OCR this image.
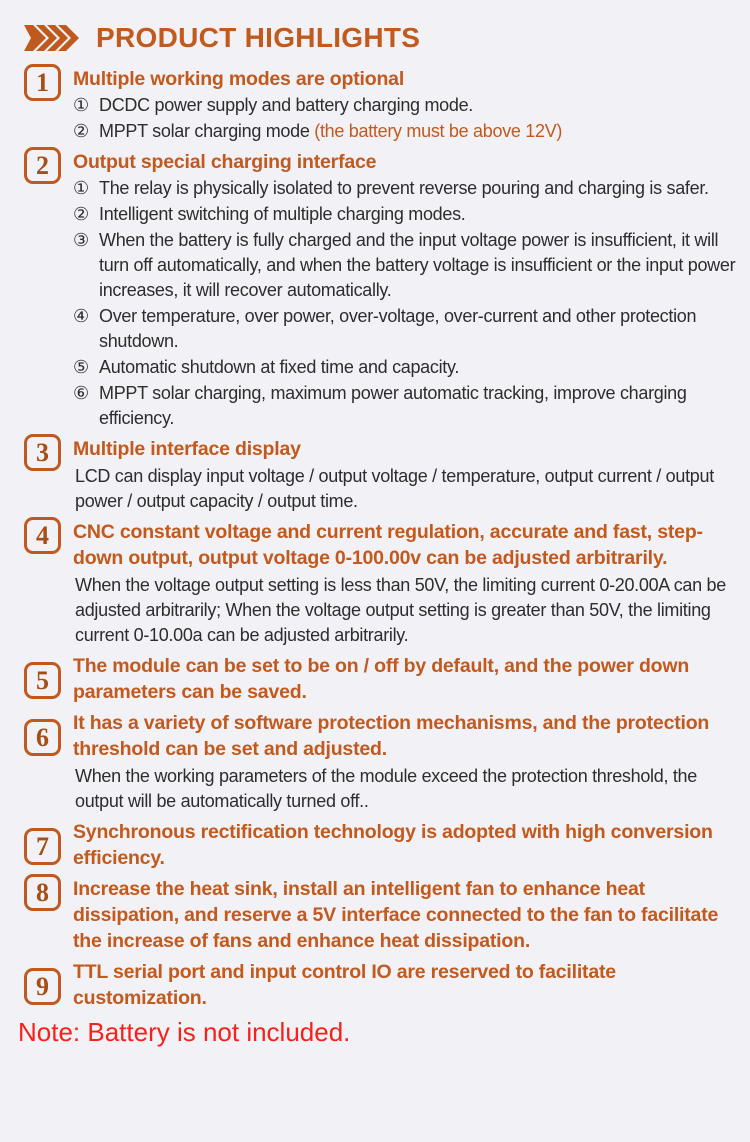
PRODUCT HIGHLIGHTS
1 Multiple working modes are optional
① DCDC power supply and battery charging mode.
② MPPT solar charging mode (the battery must be above 12V)
2 Output special charging interface
① The relay is physically isolated to prevent reverse pouring and charging is safer.
② Intelligent switching of multiple charging modes.
③ When the battery is fully charged and the input voltage power is insufficient, it will turn off automatically, and when the battery voltage is insufficient or the input power increases, it will recover automatically.
④ Over temperature, over power, over-voltage, over-current and other protection shutdown.
⑤ Automatic shutdown at fixed time and capacity.
⑥ MPPT solar charging, maximum power automatic tracking, improve charging efficiency.
3 Multiple interface display

LCD can display input voltage / output voltage / temperature, output current / output power / output capacity / output time.

4 CNC constant voltage and current regulation, accurate and fast, step-down output, output voltage 0-100.00v can be adjusted arbitrarily.

When the voltage output setting is less than 50V, the limiting current 0-20.00A can be adjusted arbitrarily; When the voltage output setting is greater than 50V, the limiting current 0-10.00a can be adjusted arbitrarily.

5 The module can be set to be on / off by default, and the power down parameters can be saved.
6 It has a variety of software protection mechanisms, and the protection threshold can be set and adjusted.

When the working parameters of the module exceed the protection threshold, the output will be automatically turned off..

7 Synchronous rectification technology is adopted with high conversion efficiency.
8 Increase the heat sink, install an intelligent fan to enhance heat dissipation, and reserve a 5V interface connected to the fan to facilitate the increase of fans and enhance heat dissipation.
9 TTL serial port and input control IO are reserved to facilitate customization.
Note: Battery is not included.
